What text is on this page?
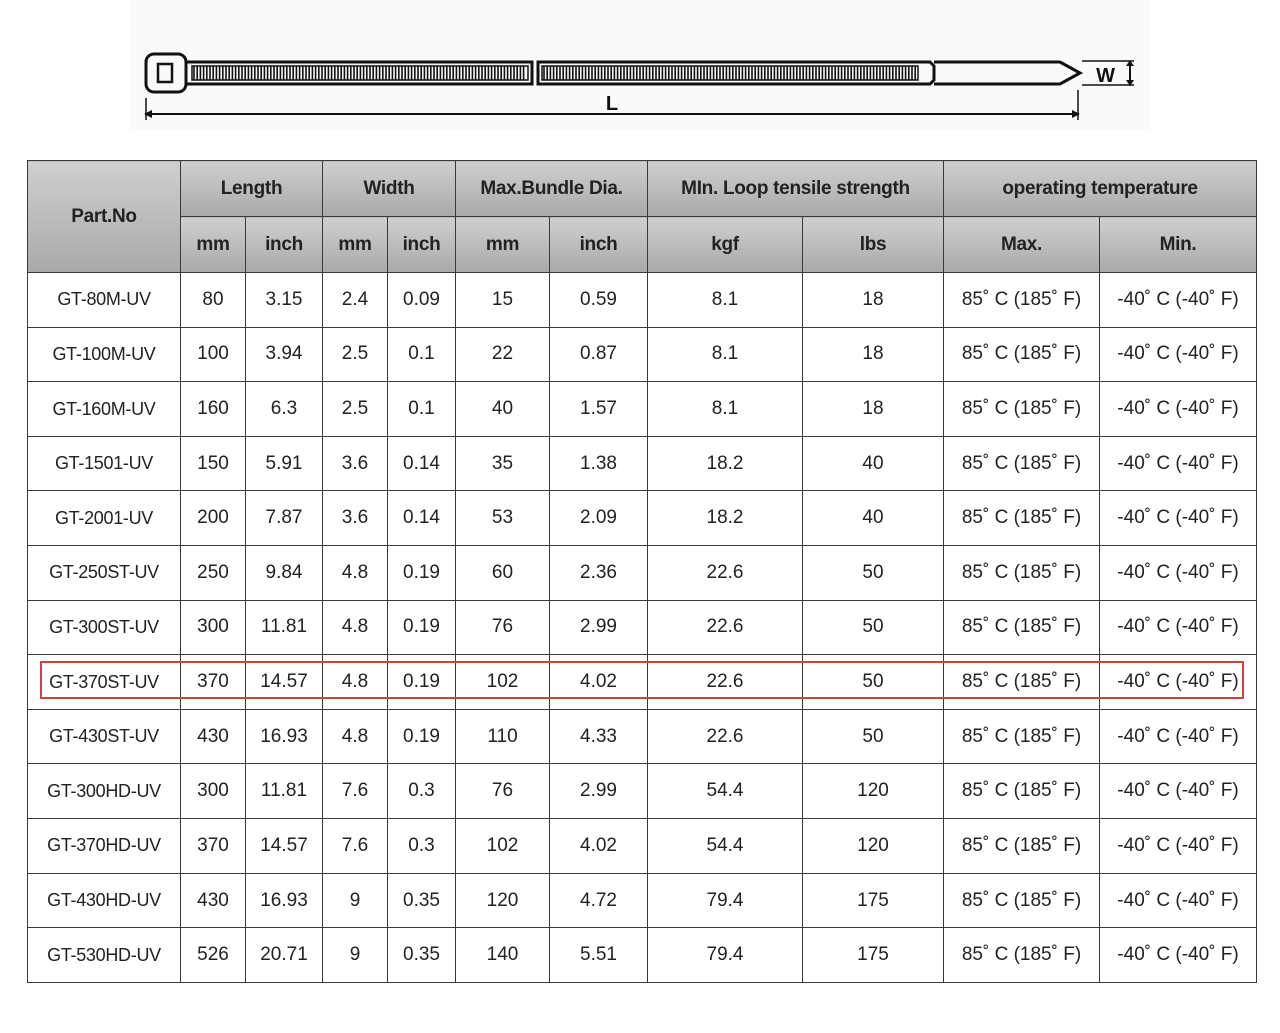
W
L
Part.No	Length		Width		Max.Bundle Dia.		MIn. Loop tensile strength		operating temperature	
	mm	inch	mm	inch	mm	inch	kgf	lbs	Max.	Min.
GT-80M-UV	80	3.15	2.4	0.09	15	0.59	8.1	18	85˚ C (185˚ F)	-40˚ C (-40˚ F)
GT-100M-UV	100	3.94	2.5	0.1	22	0.87	8.1	18	85˚ C (185˚ F)	-40˚ C (-40˚ F)
GT-160M-UV	160	6.3	2.5	0.1	40	1.57	8.1	18	85˚ C (185˚ F)	-40˚ C (-40˚ F)
GT-1501-UV	150	5.91	3.6	0.14	35	1.38	18.2	40	85˚ C (185˚ F)	-40˚ C (-40˚ F)
GT-2001-UV	200	7.87	3.6	0.14	53	2.09	18.2	40	85˚ C (185˚ F)	-40˚ C (-40˚ F)
GT-250ST-UV	250	9.84	4.8	0.19	60	2.36	22.6	50	85˚ C (185˚ F)	-40˚ C (-40˚ F)
GT-300ST-UV	300	11.81	4.8	0.19	76	2.99	22.6	50	85˚ C (185˚ F)	-40˚ C (-40˚ F)
GT-370ST-UV	370	14.57	4.8	0.19	102	4.02	22.6	50	85˚ C (185˚ F)	-40˚ C (-40˚ F)
GT-430ST-UV	430	16.93	4.8	0.19	110	4.33	22.6	50	85˚ C (185˚ F)	-40˚ C (-40˚ F)
GT-300HD-UV	300	11.81	7.6	0.3	76	2.99	54.4	120	85˚ C (185˚ F)	-40˚ C (-40˚ F)
GT-370HD-UV	370	14.57	7.6	0.3	102	4.02	54.4	120	85˚ C (185˚ F)	-40˚ C (-40˚ F)
GT-430HD-UV	430	16.93	9	0.35	120	4.72	79.4	175	85˚ C (185˚ F)	-40˚ C (-40˚ F)
GT-530HD-UV	526	20.71	9	0.35	140	5.51	79.4	175	85˚ C (185˚ F)	-40˚ C (-40˚ F)
